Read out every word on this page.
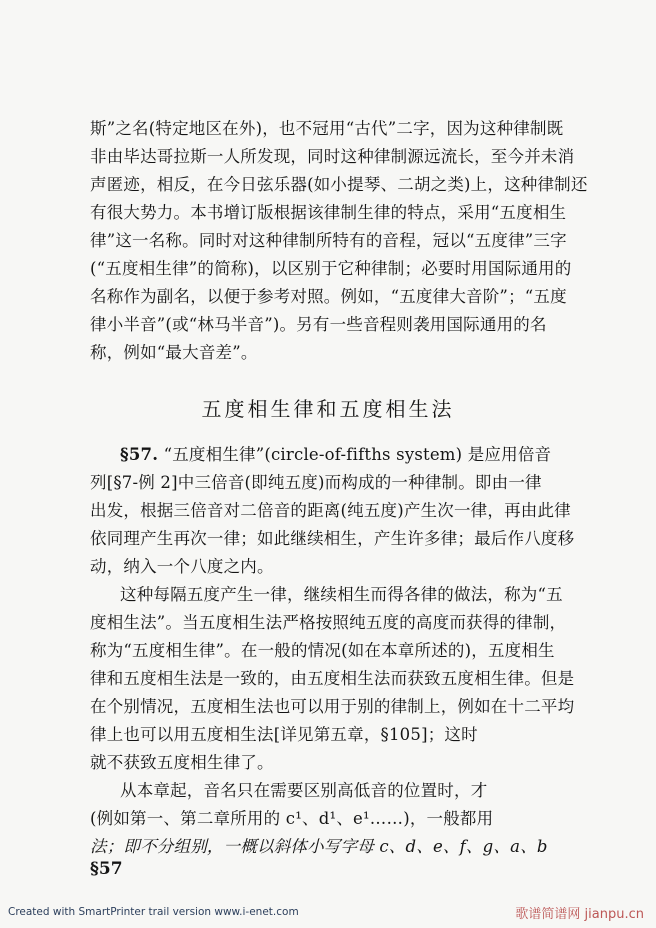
斯”之名(特定地区在外)，也不冠用“古代”二字，因为这种律制既
非由毕达哥拉斯一人所发现，同时这种律制源远流长，至今并未消
声匿迹，相反，在今日弦乐器(如小提琴、二胡之类)上，这种律制还
有很大势力。本书增订版根据该律制生律的特点，采用“五度相生
律”这一名称。同时对这种律制所特有的音程，冠以“五度律”三字
(“五度相生律”的简称)，以区别于它种律制；必要时用国际通用的
名称作为副名，以便于参考对照。例如，“五度律大音阶”；“五度
律小半音”(或“林马半音”)。另有一些音程则袭用国际通用的名
称，例如“最大音差”。
五度相生律和五度相生法
§57. “五度相生律”(circle-of-fifths system) 是应用倍音
列[§7-例 2]中三倍音(即纯五度)而构成的一种律制。即由一律
出发，根据三倍音对二倍音的距离(纯五度)产生次一律，再由此律
依同理产生再次一律；如此继续相生，产生许多律；最后作八度移
动，纳入一个八度之内。
这种每隔五度产生一律，继续相生而得各律的做法，称为“五
度相生法”。当五度相生法严格按照纯五度的高度而获得的律制，
称为“五度相生律”。在一般的情况(如在本章所述的)，五度相生
律和五度相生法是一致的，由五度相生法而获致五度相生律。但是
在个别情况，五度相生法也可以用于别的律制上，例如在十二平均
律上也可以用五度相生法[详见第五章，§105]；这时
就不获致五度相生律了。
从本章起，音名只在需要区别高低音的位置时，才
(例如第一、第二章所用的 c¹、d¹、e¹……)，一般都用
法；即不分组别，一概以斜体小写字母 c、d、e、f、g、a、b
§57
Created with SmartPrinter trail version www.i-enet.com	歌谱简谱网 jianpu.cn
